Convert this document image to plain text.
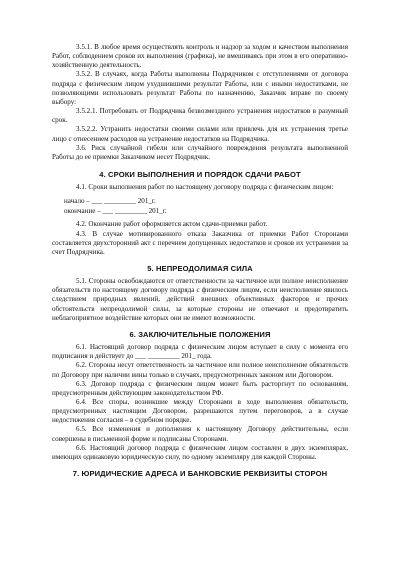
3.5.1. В любое время осуществлять контроль и надзор за ходом и качеством выполнения Работ, соблюдением сроков их выполнения (графика), не вмешиваясь при этом в его оперативно-хозяйственную деятельность.

3.5.2. В случаях, когда Работы выполнены Подрядчиком с отступлениями от договора подряда с физическим лицом ухудшившими результат Работы, или с иными недостатками, не позволяющими использовать результат Работы по назначению, Заказчик вправе по своему выбору:

3.5.2.1. Потребовать от Подрядчика безвозмездного устранения недостатков в разумный срок.

3.5.2.2. Устранить недостатки своими силами или привлечь для их устранения третье лицо с отнесением расходов на устранение недостатков на Подрядчика.

3.6. Риск случайной гибели или случайного повреждения результата выполненной Работы до ее приемки Заказчиком несет Подрядчик.

4. СРОКИ ВЫПОЛНЕНИЯ И ПОРЯДОК СДАЧИ РАБОТ

4.1. Сроки выполнения работ по настоящему договору подряда с физическим лицом:

начало – ___ _________ 201_г.
окончание – ___ _________ 201_г.

4.2. Окончание работ оформляется актом сдачи-приемки работ.

4.3. В случае мотивированного отказа Заказчика от приемки Работ Сторонами составляется двухсторонний акт с перечнем допущенных недостатков и сроков их устранения за счет Подрядчика.

5. НЕПРЕОДОЛИМАЯ СИЛА

5.1. Стороны освобождаются от ответственности за частичное или полное неисполнение обязательств по настоящему договору подряда с физическим лицом, если неисполнение явилось следствием природных явлений, действий внешних объективных факторов и прочих обстоятельств непреодолимой силы, за которые стороны не отвечают и предотвратить неблагоприятное воздействие которых они не имеют возможности.

6. ЗАКЛЮЧИТЕЛЬНЫЕ ПОЛОЖЕНИЯ

6.1. Настоящий договор подряда с физическим лицом вступает в силу с момента его подписания и действует до ___ _________ 201_ года.

6.2. Стороны несут ответственность за частичное или полное неисполнение обязательств по Договору при наличии вины только в случаях, предусмотренных законом или Договором.

6.3. Договор подряда с физическим лицом может быть расторгнут по основаниям, предусмотренным действующим законодательством РФ.

6.4. Все споры, возникшие между Сторонами в ходе выполнения обязательств, предусмотренных настоящим Договором, разрешаются путем переговоров, а в случае недостижения согласия – в судебном порядке.

6.5. Все изменения и дополнения к настоящему Договору действительны, если совершены в письменной форме и подписаны Сторонами.

6.6. Настоящий договор подряда с физическим лицом составлен в двух экземплярах, имеющих одинаковую юридическую силу, по одному экземпляру для каждой Стороны.

7. ЮРИДИЧЕСКИЕ АДРЕСА И БАНКОВСКИЕ РЕКВИЗИТЫ СТОРОН
